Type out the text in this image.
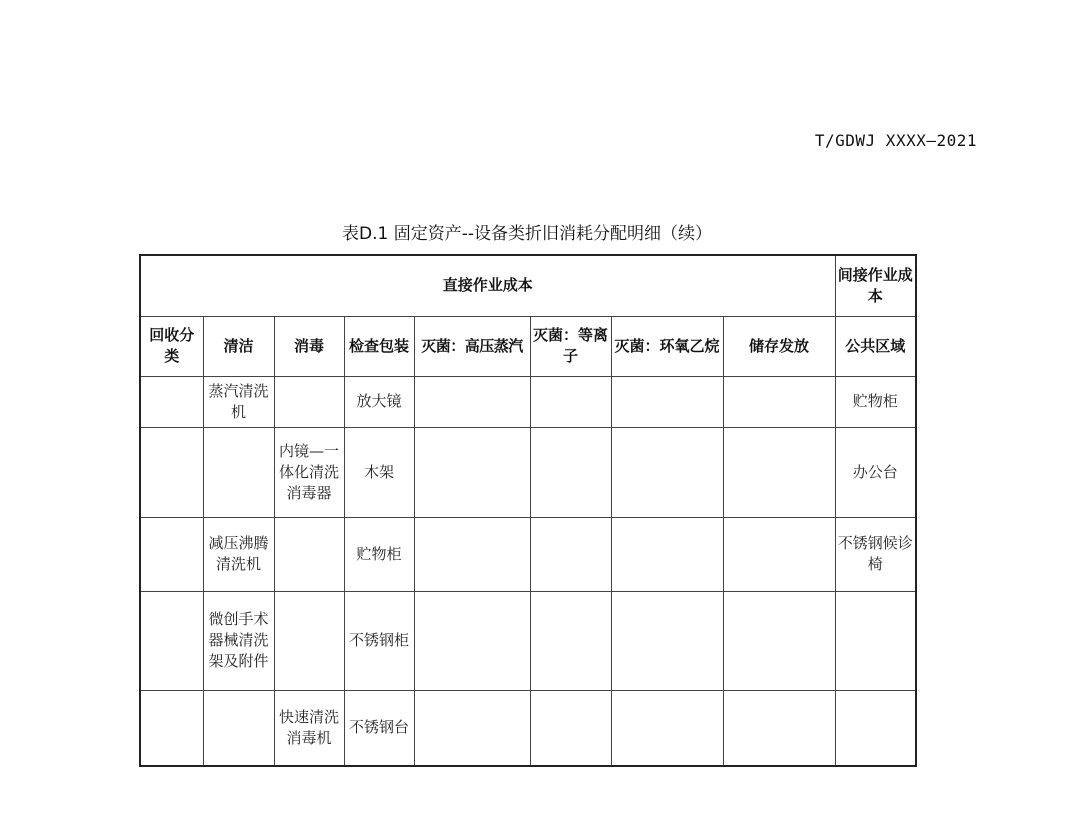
T/GDWJ XXXX—2021
表D.1 固定资产--设备类折旧消耗分配明细（续）
直接作业成本								间接作业成本
回收分类	清洁	消毒	检查包装	灭菌：高压蒸汽	灭菌：等离子	灭菌：环氧乙烷	储存发放	公共区域
	蒸汽清洗机		放大镜					贮物柜
		内镜—一体化清洗消毒器	木架					办公台
	减压沸腾清洗机		贮物柜					不锈钢候诊椅
	微创手术器械清洗架及附件		不锈钢柜					
		快速清洗消毒机	不锈钢台					
